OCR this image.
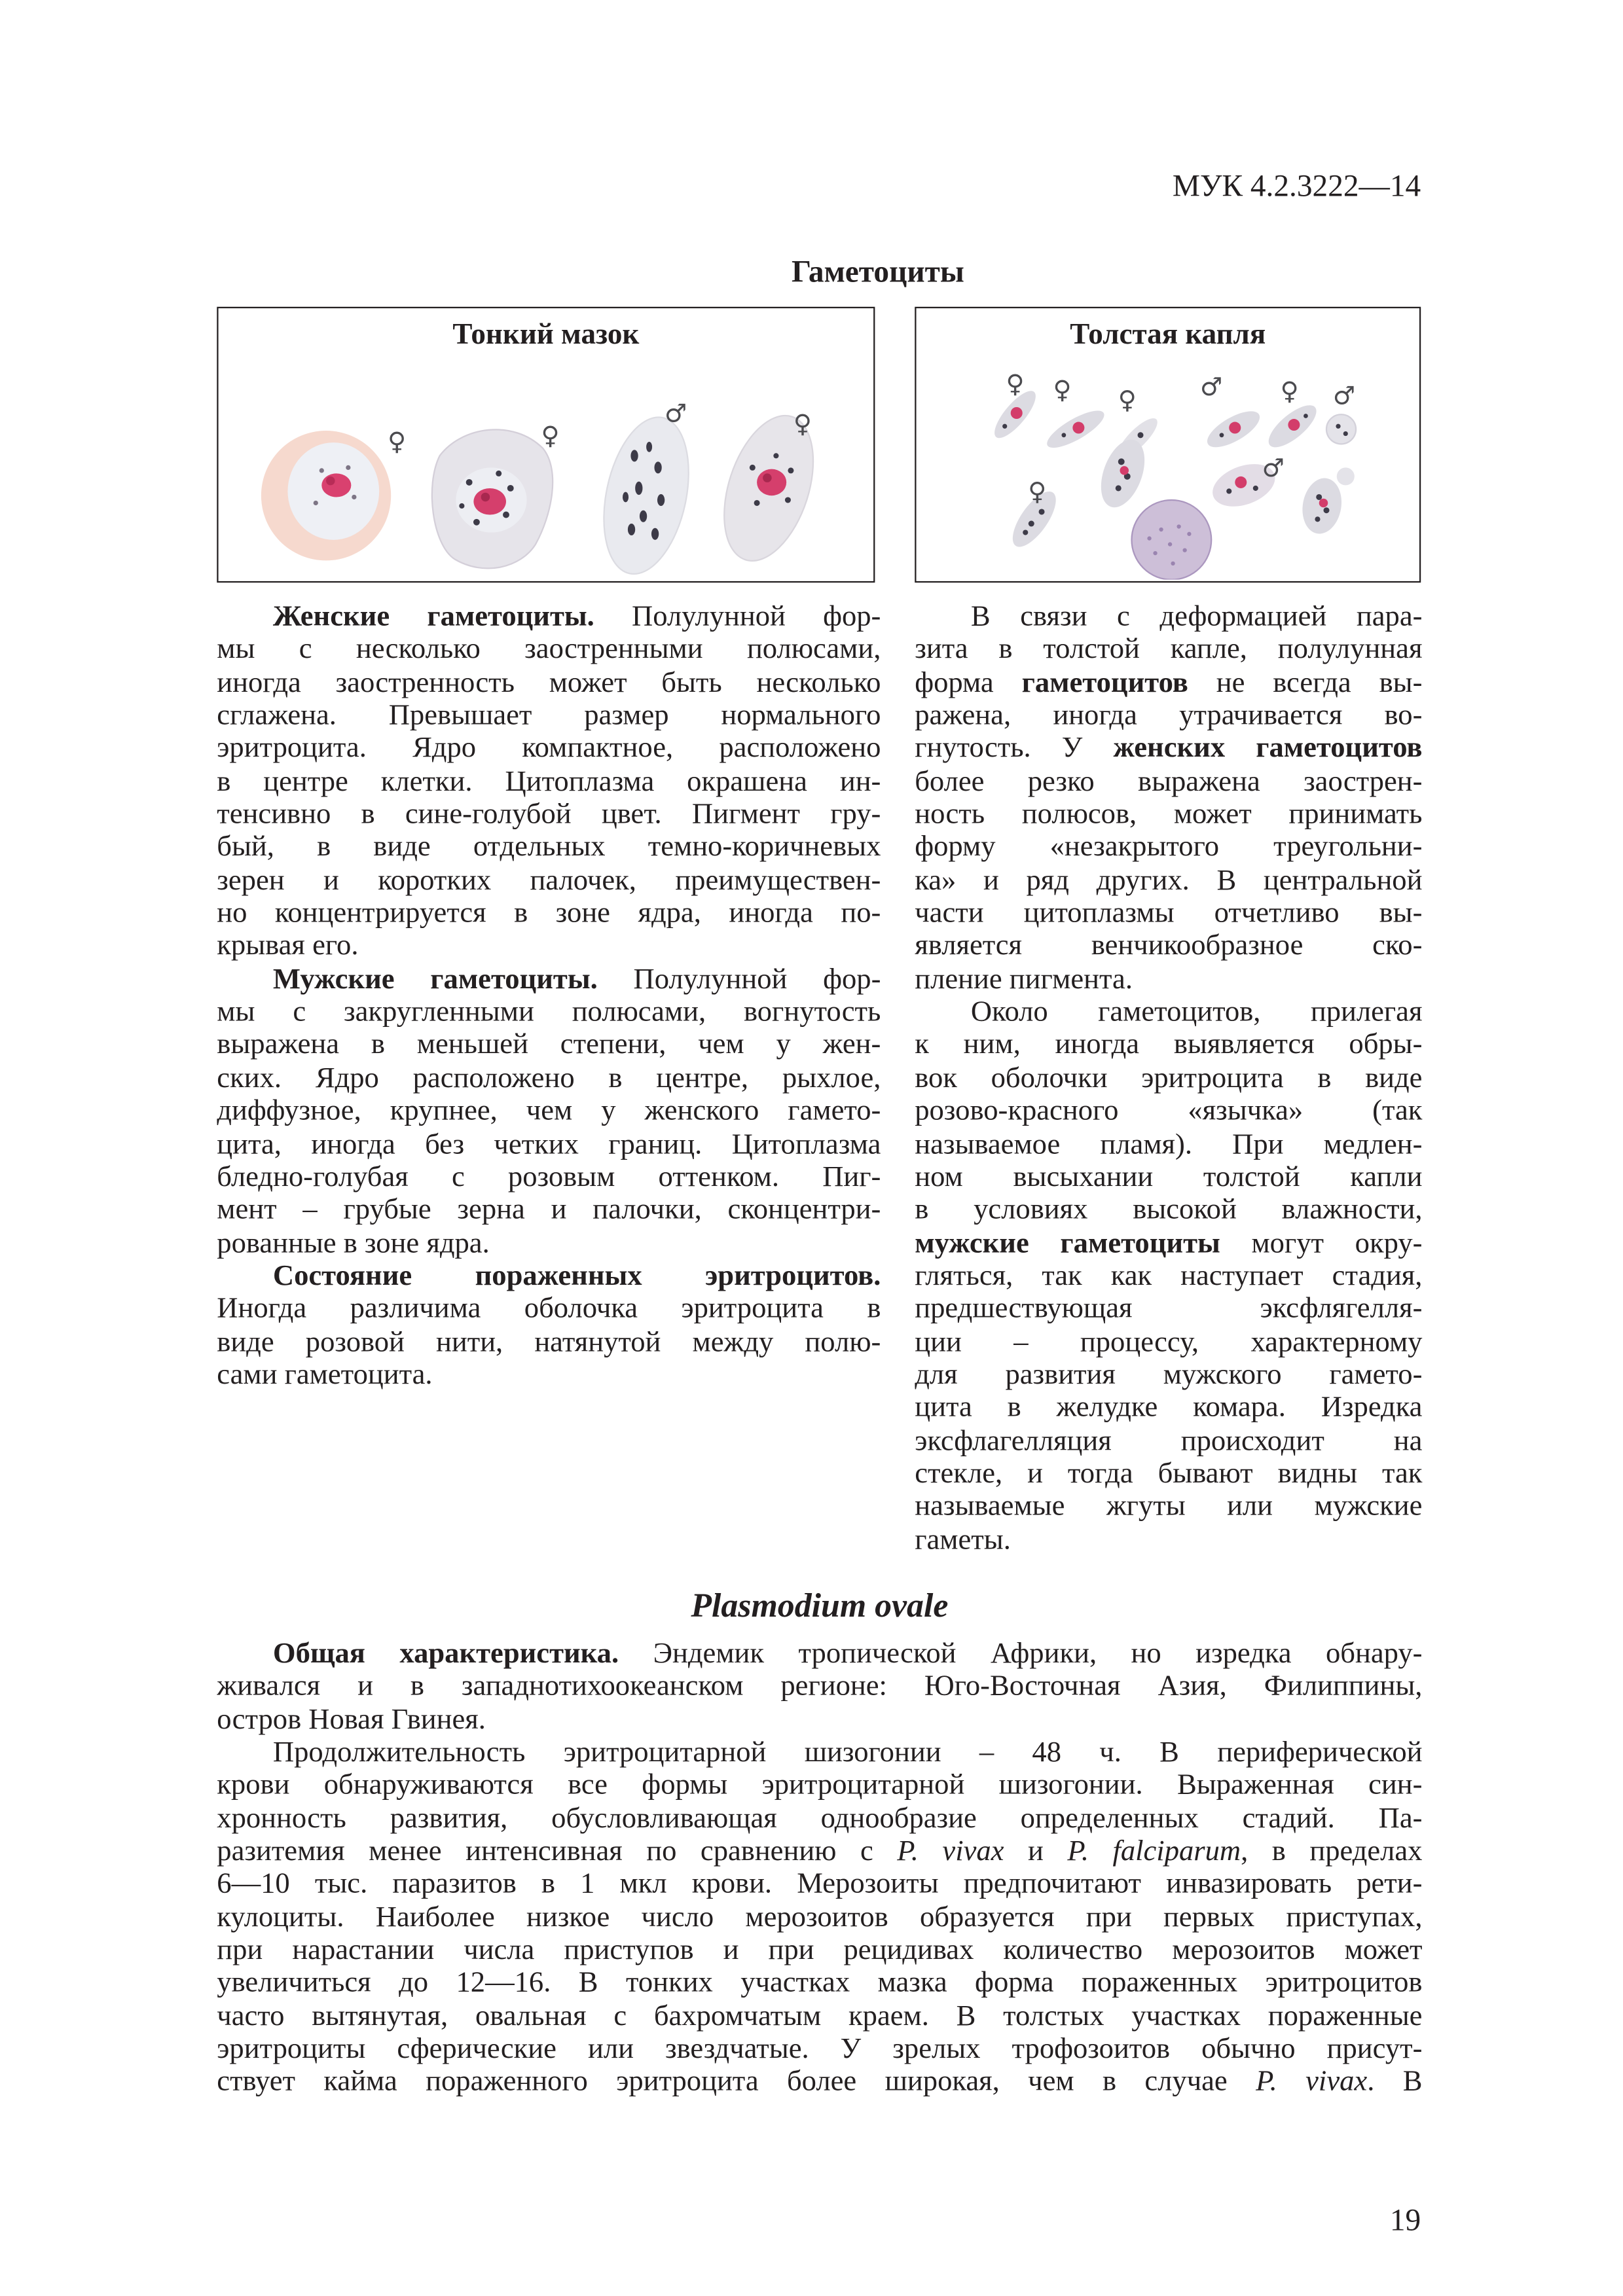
МУК 4.2.3222—14
Гаметоциты
♀	♀
♂	♀
Тонкий мазок
♀	♀	♀	♂	♀	♂
♀
♂
Толстая капля
Женские гаметоциты. Полулунной фор-
мы с несколько заостренными полюсами,
иногда заостренность может быть несколько
сглажена. Превышает размер нормального
эритроцита. Ядро компактное, расположено
в центре клетки. Цитоплазма окрашена ин-
тенсивно в сине-голубой цвет. Пигмент гру-
бый, в виде отдельных темно-коричневых
зерен и коротких палочек, преимуществен-
но концентрируется в зоне ядра, иногда по-
крывая его.
Мужские гаметоциты. Полулунной фор-
мы с закругленными полюсами, вогнутость
выражена в меньшей степени, чем у жен-
ских. Ядро расположено в центре, рыхлое,
диффузное, крупнее, чем у женского гамето-
цита, иногда без четких границ. Цитоплазма
бледно-голубая с розовым оттенком. Пиг-
мент – грубые зерна и палочки, сконцентри-
рованные в зоне ядра.
Состояние пораженных эритроцитов.
Иногда различима оболочка эритроцита в
виде розовой нити, натянутой между полю-
сами гаметоцита.
В связи с деформацией пара-
зита в толстой капле, полулунная
форма гаметоцитов не всегда вы-
ражена, иногда утрачивается во-
гнутость. У женских гаметоцитов
более резко выражена заострен-
ность полюсов, может принимать
форму «незакрытого треугольни-
ка» и ряд других. В центральной
части цитоплазмы отчетливо вы-
является венчикообразное ско-
пление пигмента.
Около гаметоцитов, прилегая
к ним, иногда выявляется обры-
вок оболочки эритроцита в виде
розово-красного «язычка» (так
называемое пламя). При медлен-
ном высыхании толстой капли
в условиях высокой влажности,
мужские гаметоциты могут окру-
гляться, так как наступает стадия,
предшествующая эксфлягелля-
ции – процессу, характерному
для развития мужского гамето-
цита в желудке комара. Изредка
эксфлагелляция происходит на
стекле, и тогда бывают видны так
называемые жгуты или мужские
гаметы.
Plasmodium ovale
Общая характеристика. Эндемик тропической Африки, но изредка обнару-
живался и в западнотихоокеанском регионе: Юго-Восточная Азия, Филиппины,
остров Новая Гвинея.
Продолжительность эритроцитарной шизогонии – 48 ч. В периферической
крови обнаруживаются все формы эритроцитарной шизогонии. Выраженная син-
хронность развития, обусловливающая однообразие определенных стадий. Па-
разитемия менее интенсивная по сравнению с P. vivax и P. falciparum, в пределах
6—10 тыс. паразитов в 1 мкл крови. Мерозоиты предпочитают инвазировать рети-
кулоциты. Наиболее низкое число мерозоитов образуется при первых приступах,
при нарастании числа приступов и при рецидивах количество мерозоитов может
увеличиться до 12—16. В тонких участках мазка форма пораженных эритроцитов
часто вытянутая, овальная с бахромчатым краем. В толстых участках пораженные
эритроциты сферические или звездчатые. У зрелых трофозоитов обычно присут-
ствует кайма пораженного эритроцита более широкая, чем в случае P. vivax. В
19
